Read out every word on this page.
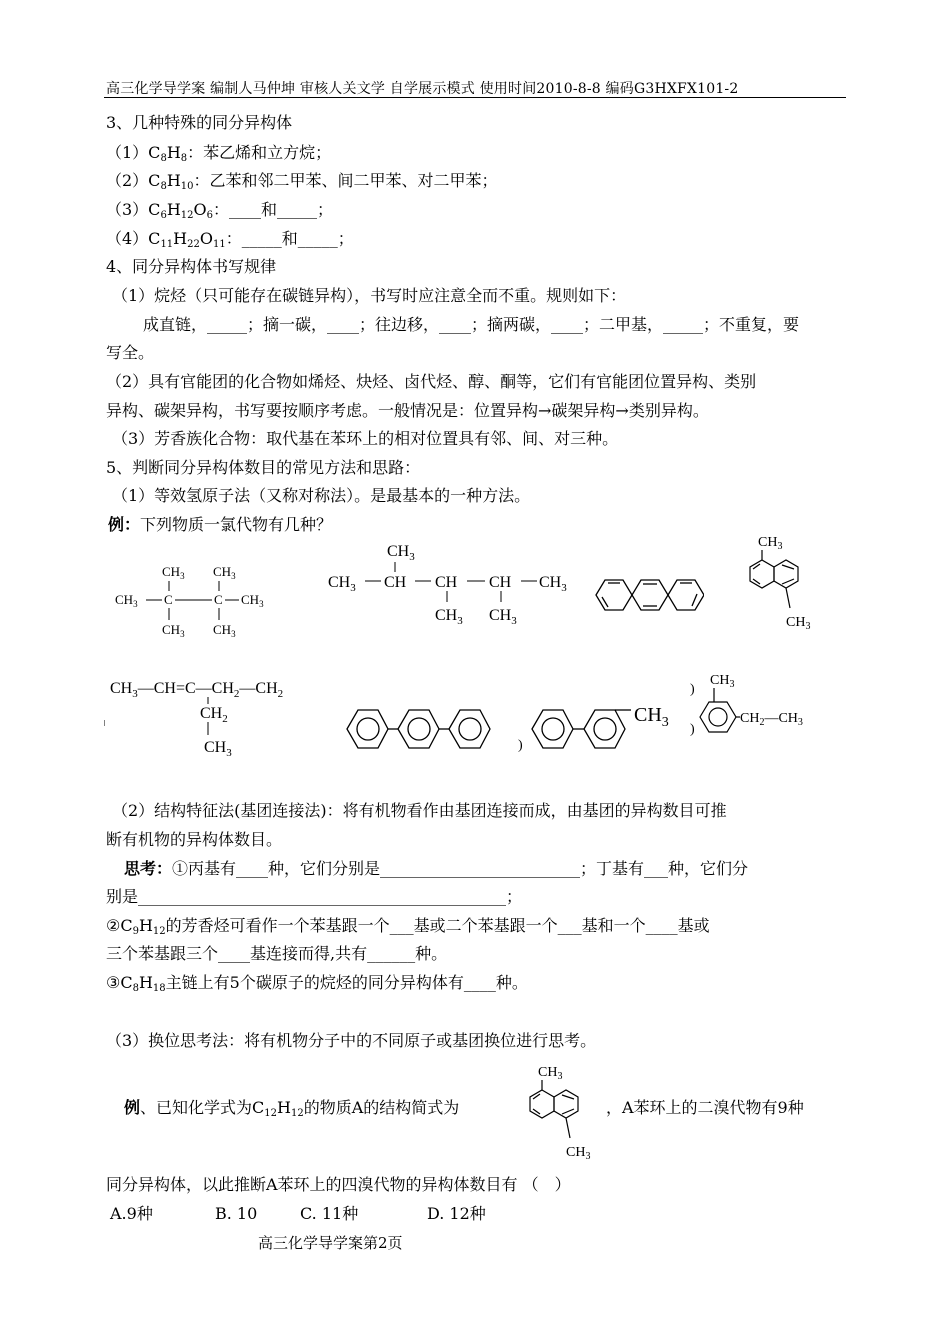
高三化学导学案 编制人马仲坤 审核人关文学 自学展示模式 使用时间2010-8-8 编码G3HXFX101-2
3、几种特殊的同分异构体
$(1)C_8H_8$：苯乙烯和立方烷；
$(2)C_8H_{10}$：乙苯和邻二甲苯、间二甲苯、对二甲苯；
$(3)C_6H_{12}O_6$：____和_____；
$(4)C_{11}H_{22}O_{11}$：_____和_____；
4、同分异构体书写规律
（1）烷烃（只可能存在碳链异构），书写时应注意全而不重。规则如下：
成直链，_____；摘一碳，____；往边移，____；摘两碳，____；二甲基，_____；不重复，要
写全。
（2）具有官能团的化合物如烯烃、炔烃、卤代烃、醇、酮等，它们有官能团位置异构、类别
异构、碳架异构，书写要按顺序考虑。一般情况是：位置异构→碳架异构→类别异构。
（3）芳香族化合物：取代基在苯环上的相对位置具有邻、间、对三种。
5、判断同分异构体数目的常见方法和思路：
（1）等效氢原子法（又称对称法）。是最基本的一种方法。
例：下列物质一氯代物有几种？
$CH_3$ $CH_3$
$CH_3$ C	C $CH_3$
$CH_3$ $CH_3$
$CH_3$
$CH_3$ CH CH CH $CH_3$
$CH_3$ $CH_3$
$CH_3$
$CH_3$
$CH_3—CH=C—CH_2—CH_2$
$CH_2$
$CH_3$
$CH_3$
)
)
)
$CH_3$
$CH_2—CH_3$
（2）结构特征法(基团连接法)：将有机物看作由基团连接而成，由基团的异构数目可推
断有机物的异构体数目。
思考：①丙基有____种，它们分别是_________________________；丁基有___种，它们分
别是______________________________________________；
$②C_9H_{12}$的芳香烃可看作一个苯基跟一个___基或二个苯基跟一个___基和一个____基或
三个苯基跟三个____基连接而得,共有______种。
$③C_8H_{18}$主链上有5个碳原子的烷烃的同分异构体有____种。
（3）换位思考法：将有机物分子中的不同原子或基团换位进行思考。
例、已知化学式为$C_{12}H_{12}$的物质A的结构简式为
$CH_3$
$CH_3$
，A苯环上的二溴代物有9种
同分异构体，以此推断A苯环上的四溴代物的异构体数目有 （　）
A.9种	B. 10	C. 11种	D. 12种
高三化学导学案第2页
